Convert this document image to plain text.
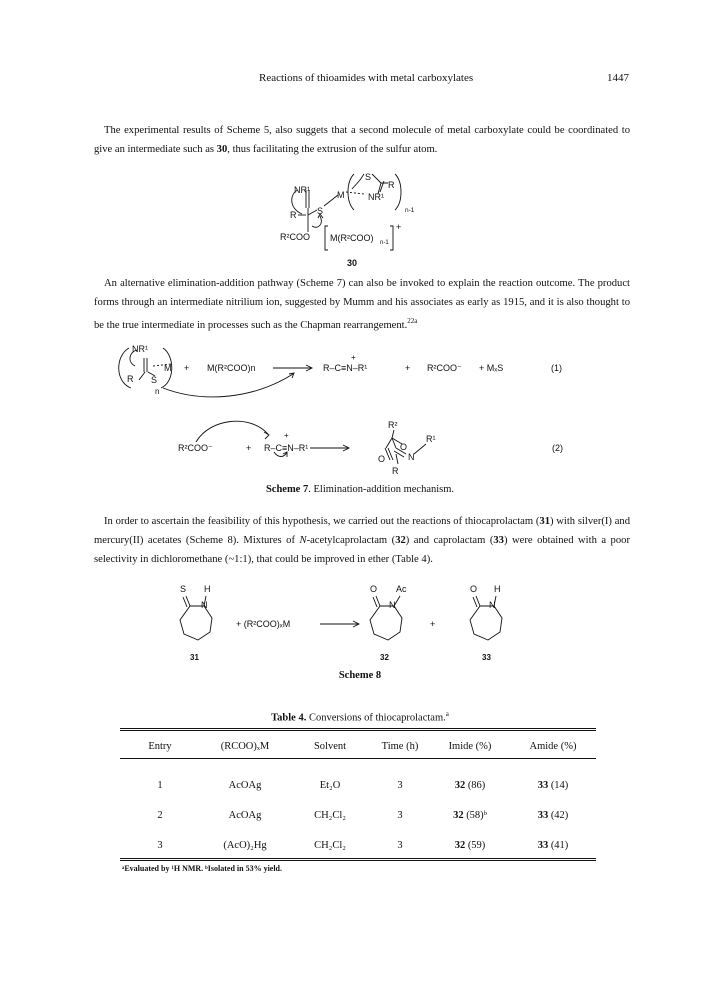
Reactions of thioamides with metal carboxylates	1447
The experimental results of Scheme 5, also suggets that a second molecule of metal carboxylate could be coordinated to give an intermediate such as 30, thus facilitating the extrusion of the sulfur atom.
NR¹
S
R
M	NR¹
n-1
R S
R²COO M(R²COO) n-1
+
30
An alternative elimination-addition pathway (Scheme 7) can also be invoked to explain the reaction outcome. The product forms through an intermediate nitrilium ion, suggested by Mumm and his associates as early as 1915, and it is also thought to be the true intermediate in processes such as the Chapman rearrangement.$^{22a}$
NR¹
M
R S
n
+ M(R²COO)n
+
R–C≡N–R¹	+ R²COO⁻ + MₓS	(1)
R²COO⁻	+
+
R–C≡N–R¹
R²
O
O	N
R¹
R
(2)
Scheme 7. Elimination-addition mechanism.
In order to ascertain the feasibility of this hypothesis, we carried out the reactions of thiocaprolactam (31) with silver(I) and mercury(II) acetates (Scheme 8). Mixtures of N-acetylcaprolactam (32) and caprolactam (33) were obtained with a poor selectivity in dichloromethane (~1:1), that could be improved in ether (Table 4).
S H
N
31
+ (R²COO)ₓM
O Ac
N
32
+
O H
N
33
Scheme 8
Table 4. Conversions of thiocaprolactam.$^a$
Entry	(RCOO)ₓM	Solvent	Time (h)	Imide (%)	Amide (%)

1	AcOAg	Et₂O	3	32 (86)	33 (14)
2	AcOAg	CH₂Cl₂	3	32 (58)ᵇ	33 (42)
3	(AcO)₂Hg	CH₂Cl₂	3	32 (59)	33 (41)
ᵃEvaluated by ¹H NMR. ᵇIsolated in 53% yield.
